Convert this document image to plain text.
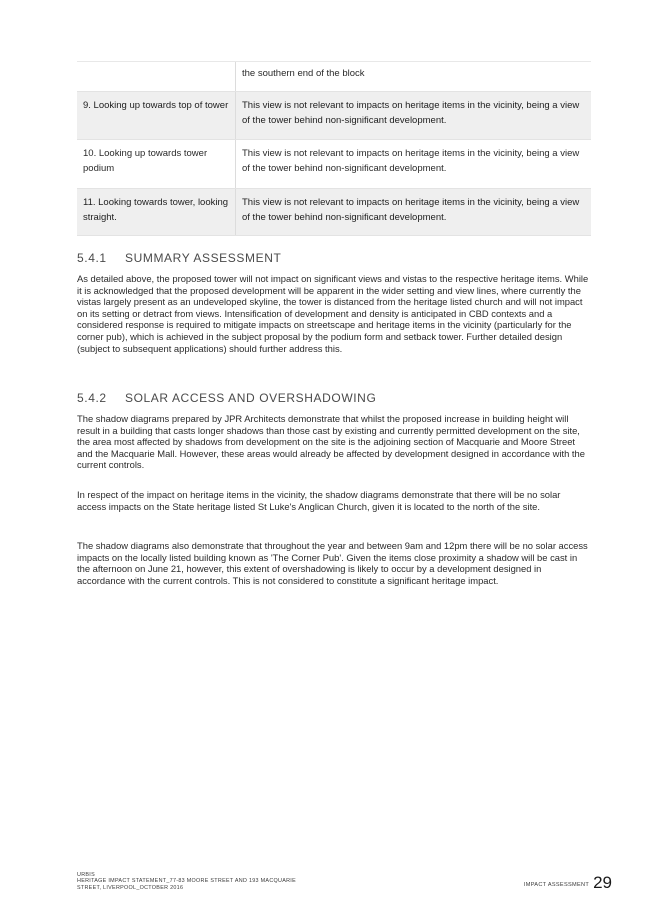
the southern end of the block
9. Looking up towards top of tower	This view is not relevant to impacts on heritage items in the vicinity, being a view of the tower behind non-significant development.
10. Looking up towards tower podium
This view is not relevant to impacts on heritage items in the vicinity, being a view of the tower behind non-significant development.
11. Looking towards tower, looking straight.
This view is not relevant to impacts on heritage items in the vicinity, being a view of the tower behind non-significant development.
5.4.1 SUMMARY ASSESSMENT

As detailed above, the proposed tower will not impact on significant views and vistas to the respective heritage items. While it is acknowledged that the proposed development will be apparent in the wider setting and view lines, where currently the vistas largely present as an undeveloped skyline, the tower is distanced from the heritage listed church and will not impact on its setting or detract from views. Intensification of development and density is anticipated in CBD contexts and a considered response is required to mitigate impacts on streetscape and heritage items in the vicinity (particularly for the corner pub), which is achieved in the subject proposal by the podium form and setback tower. Further detailed design (subject to subsequent applications) should further address this.

5.4.2 SOLAR ACCESS AND OVERSHADOWING

The shadow diagrams prepared by JPR Architects demonstrate that whilst the proposed increase in building height will result in a building that casts longer shadows than those cast by existing and currently permitted development on the site, the area most affected by shadows from development on the site is the adjoining section of Macquarie and Moore Street and the Macquarie Mall. However, these areas would already be affected by development designed in accordance with the current controls.

In respect of the impact on heritage items in the vicinity, the shadow diagrams demonstrate that there will be no solar access impacts on the State heritage listed St Luke's Anglican Church, given it is located to the north of the site.

The shadow diagrams also demonstrate that throughout the year and between 9am and 12pm there will be no solar access impacts on the locally listed building known as 'The Corner Pub'. Given the items close proximity a shadow will be cast in the afternoon on June 21, however, this extent of overshadowing is likely to occur by a development designed in accordance with the current controls. This is not considered to constitute a significant heritage impact.

URBIS
HERITAGE IMPACT STATEMENT_77-83 MOORE STREET AND 193 MACQUARIE
STREET, LIVERPOOL_OCTOBER 2016	IMPACT ASSESSMENT 29
